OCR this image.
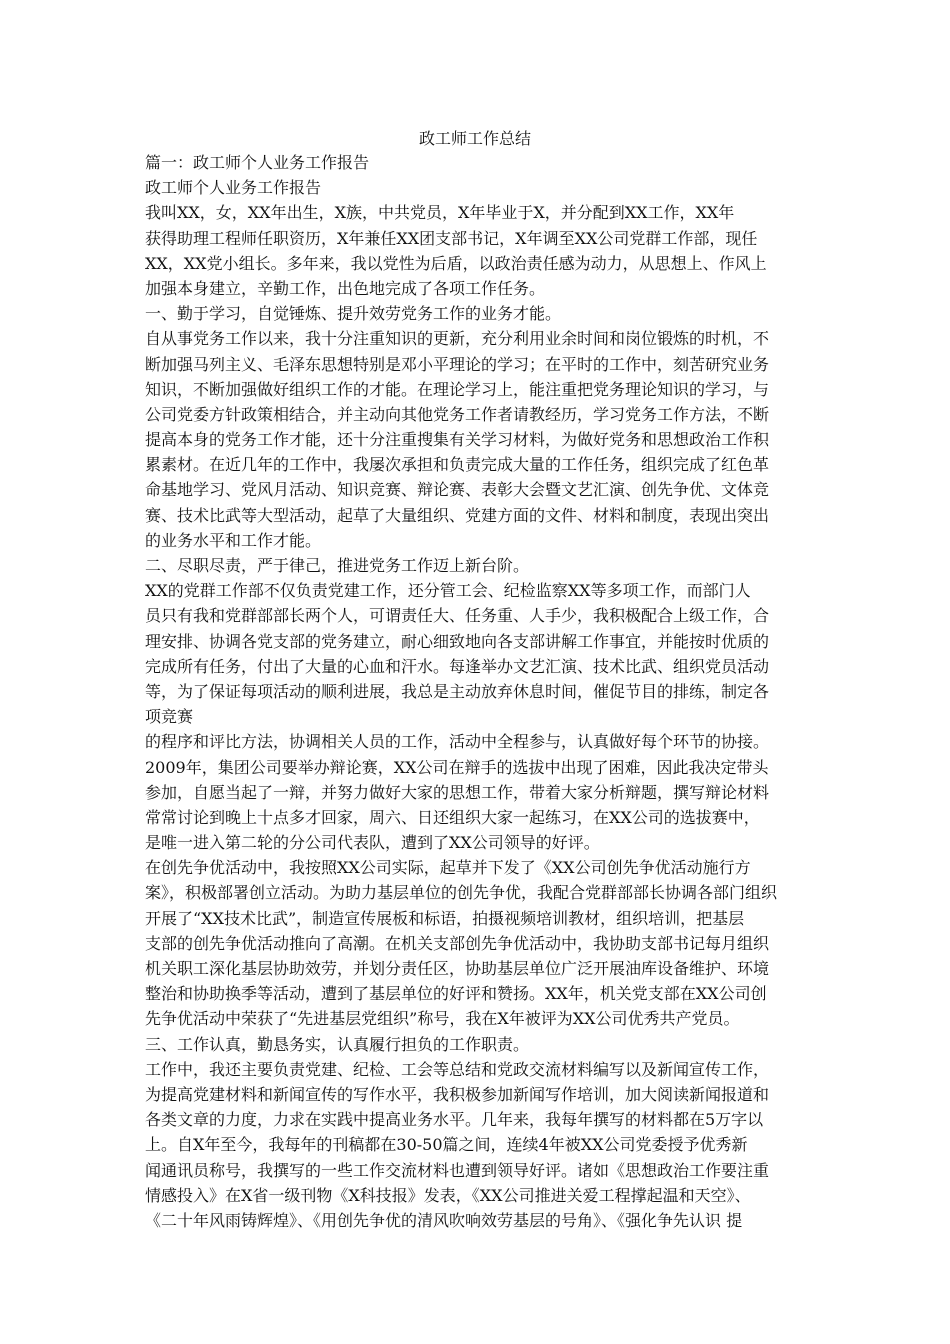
政工师工作总结
篇一：政工师个人业务工作报告
政工师个人业务工作报告
我叫XX，女，XX年出生，X族，中共党员，X年毕业于X，并分配到XX工作，XX年
获得助理工程师任职资历，X年兼任XX团支部书记，X年调至XX公司党群工作部，现任
XX，XX党小组长。多年来，我以党性为后盾，以政治责任感为动力，从思想上、作风上
加强本身建立，辛勤工作，出色地完成了各项工作任务。
一、勤于学习，自觉锤炼、提升效劳党务工作的业务才能。
自从事党务工作以来，我十分注重知识的更新，充分利用业余时间和岗位锻炼的时机，不
断加强马列主义、毛泽东思想特别是邓小平理论的学习；在平时的工作中，刻苦研究业务
知识，不断加强做好组织工作的才能。在理论学习上，能注重把党务理论知识的学习，与
公司党委方针政策相结合，并主动向其他党务工作者请教经历，学习党务工作方法，不断
提高本身的党务工作才能，还十分注重搜集有关学习材料，为做好党务和思想政治工作积
累素材。在近几年的工作中，我屡次承担和负责完成大量的工作任务，组织完成了红色革
命基地学习、党风月活动、知识竞赛、辩论赛、表彰大会暨文艺汇演、创先争优、文体竞
赛、技术比武等大型活动，起草了大量组织、党建方面的文件、材料和制度，表现出突出
的业务水平和工作才能。
二、尽职尽责，严于律己，推进党务工作迈上新台阶。
XX的党群工作部不仅负责党建工作，还分管工会、纪检监察XX等多项工作，而部门人
员只有我和党群部部长两个人，可谓责任大、任务重、人手少，我积极配合上级工作，合
理安排、协调各党支部的党务建立，耐心细致地向各支部讲解工作事宜，并能按时优质的
完成所有任务，付出了大量的心血和汗水。每逢举办文艺汇演、技术比武、组织党员活动
等，为了保证每项活动的顺利进展，我总是主动放弃休息时间，催促节目的排练，制定各
项竞赛
的程序和评比方法，协调相关人员的工作，活动中全程参与，认真做好每个环节的协接。
2009年，集团公司要举办辩论赛，XX公司在辩手的选拔中出现了困难，因此我决定带头
参加，自愿当起了一辩，并努力做好大家的思想工作，带着大家分析辩题，撰写辩论材料
常常讨论到晚上十点多才回家，周六、日还组织大家一起练习，在XX公司的选拔赛中，
是唯一进入第二轮的分公司代表队，遭到了XX公司领导的好评。
在创先争优活动中，我按照XX公司实际，起草并下发了《XX公司创先争优活动施行方
案》，积极部署创立活动。为助力基层单位的创先争优，我配合党群部部长协调各部门组织
开展了“XX技术比武”，制造宣传展板和标语，拍摄视频培训教材，组织培训，把基层
支部的创先争优活动推向了高潮。在机关支部创先争优活动中，我协助支部书记每月组织
机关职工深化基层协助效劳，并划分责任区，协助基层单位广泛开展油库设备维护、环境
整治和协助换季等活动，遭到了基层单位的好评和赞扬。XX年，机关党支部在XX公司创
先争优活动中荣获了“先进基层党组织”称号，我在X年被评为XX公司优秀共产党员。
三、工作认真，勤恳务实，认真履行担负的工作职责。
工作中，我还主要负责党建、纪检、工会等总结和党政交流材料编写以及新闻宣传工作，
为提高党建材料和新闻宣传的写作水平，我积极参加新闻写作培训，加大阅读新闻报道和
各类文章的力度，力求在实践中提高业务水平。几年来，我每年撰写的材料都在5万字以
上。自X年至今，我每年的刊稿都在30-50篇之间，连续4年被XX公司党委授予优秀新
闻通讯员称号，我撰写的一些工作交流材料也遭到领导好评。诸如《思想政治工作要注重
情感投入》在X省一级刊物《X科技报》发表，《XX公司推进关爱工程撑起温和天空》、
《二十年风雨铸辉煌》、《用创先争优的清风吹响效劳基层的号角》、《强化争先认识 提
